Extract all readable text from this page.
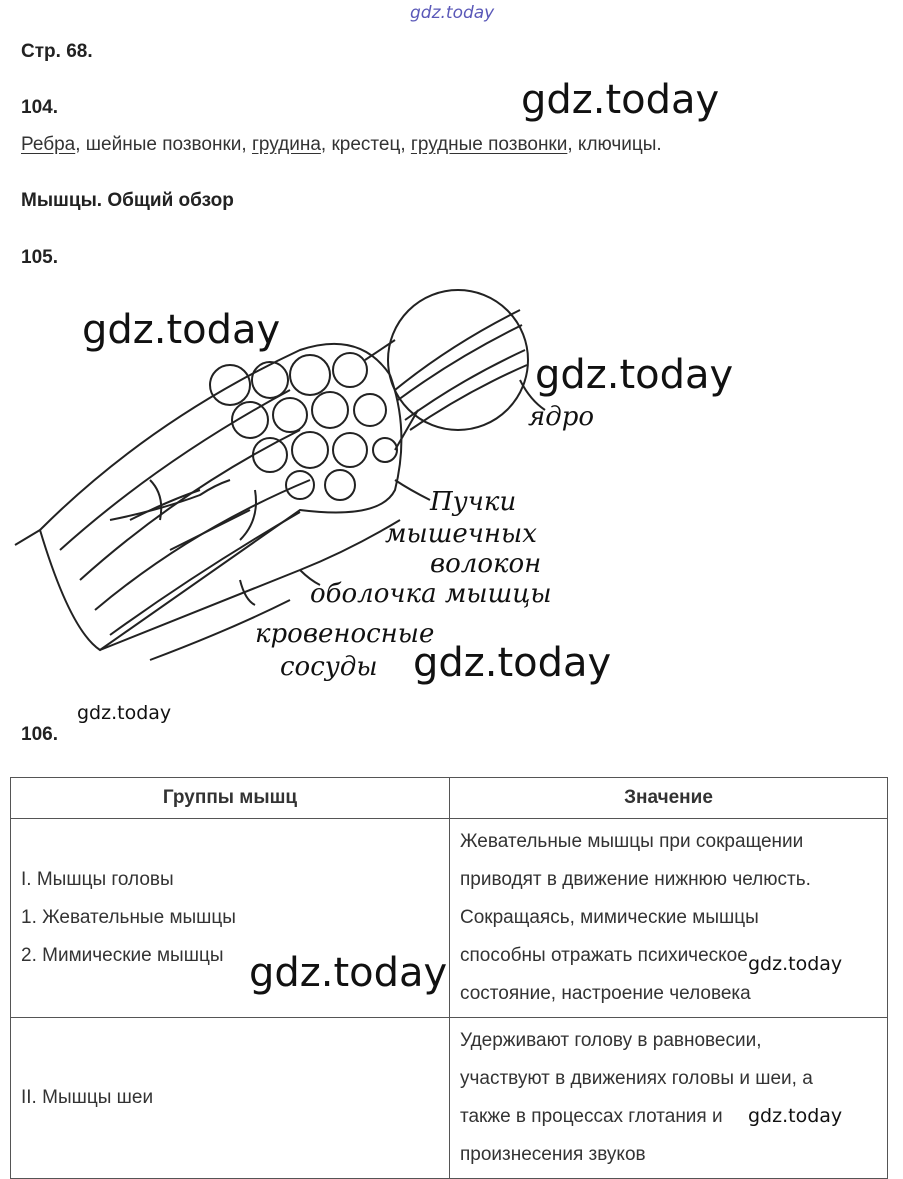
gdz.today
Стр. 68.
104.	gdz.today
Ребра, шейные позвонки, грудина, крестец, грудные позвонки, ключицы.
Мышцы. Общий обзор
105.
ядро
Пучки
мышечных
волокон
оболочка мышцы
кровеносные
сосуды
gdz.today
gdz.today
gdz.today
gdz.today
106.
Группы мышц	Значение

I. Мышцы головы
1. Жевательные мышцы
2. Мимические мышцы	Жевательные мышцы при сокращении
приводят в движение нижнюю челюсть.
Сокращаясь, мимические мышцы
способны отражать психическое
состояние, настроение человека

II. Мышцы шеи	Удерживают голову в равновесии,
участвуют в движениях головы и шеи, а
также в процессах глотания и
произнесения звуков
gdz.today	gdz.today
gdz.today
